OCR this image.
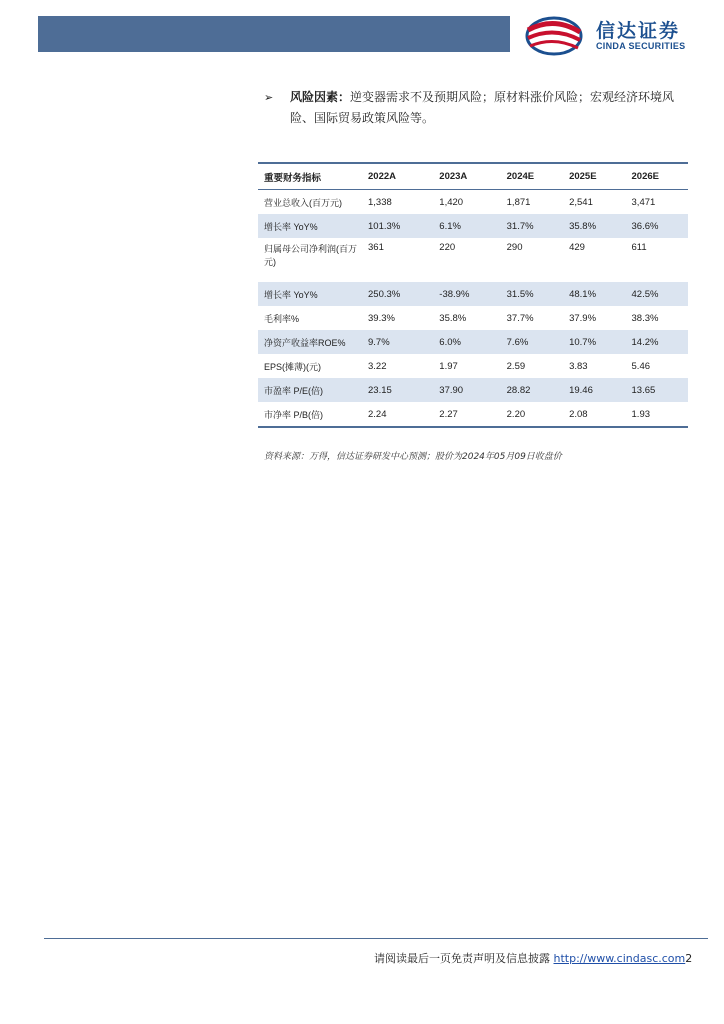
信达证券
CINDA SECURITIES
➢ 风险因素：逆变器需求不及预期风险；原材料涨价风险；宏观经济环境风险、国际贸易政策风险等。
重要财务指标	2022A	2023A	2024E	2025E	2026E
营业总收入(百万元)	1,338	1,420	1,871	2,541	3,471
增长率 YoY%	101.3%	6.1%	31.7%	35.8%	36.6%
归属母公司净利润(百万元)	361	220	290	429	611
增长率 YoY%	250.3%	-38.9%	31.5%	48.1%	42.5%
毛利率%	39.3%	35.8%	37.7%	37.9%	38.3%
净资产收益率ROE%	9.7%	6.0%	7.6%	10.7%	14.2%
EPS(摊薄)(元)	3.22	1.97	2.59	3.83	5.46
市盈率 P/E(倍)	23.15	37.90	28.82	19.46	13.65
市净率 P/B(倍)	2.24	2.27	2.20	2.08	1.93
资料来源：万得，信达证券研发中心预测；股价为2024年05月09日收盘价
请阅读最后一页免责声明及信息披露 http://www.cindasc.com2
